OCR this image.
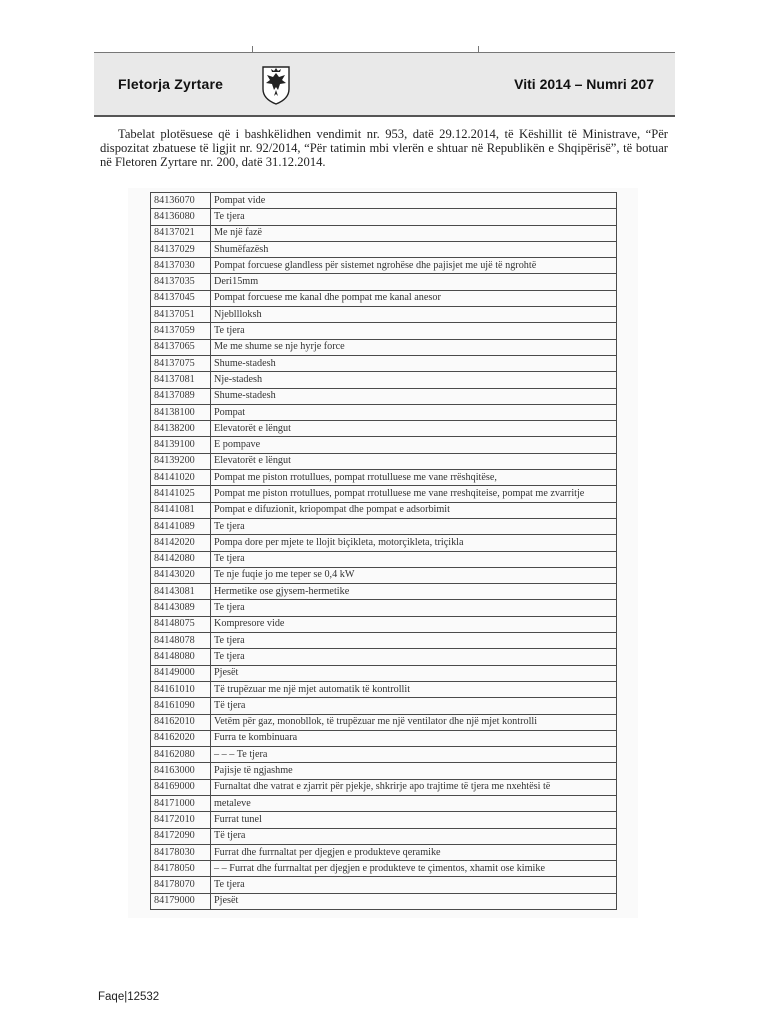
Fletorja Zyrtare	Viti 2014 – Numri 207

Tabelat plotësuese që i bashkëlidhen vendimit nr. 953, datë 29.12.2014, të Këshillit të Ministrave, “Për dispozitat zbatuese të ligjit nr. 92/2014, “Për tatimin mbi vlerën e shtuar në Republikën e Shqipërisë”, të botuar në Fletoren Zyrtare nr. 200, datë 31.12.2014.

84136070	Pompat vide
84136080	Te tjera
84137021	Me një fazë
84137029	Shumëfazësh
84137030	Pompat forcuese glandless për sistemet ngrohëse dhe pajisjet me ujë të ngrohtë
84137035	Deri15mm
84137045	Pompat forcuese me kanal dhe pompat me kanal anesor
84137051	Njebllloksh
84137059	Te tjera
84137065	Me me shume se nje hyrje force
84137075	Shume-stadesh
84137081	Nje-stadesh
84137089	Shume-stadesh
84138100	Pompat
84138200	Elevatorët e lëngut
84139100	E pompave
84139200	Elevatorët e lëngut
84141020	Pompat me piston rrotullues, pompat rrotulluese me vane rrëshqitëse,
84141025	Pompat me piston rrotullues, pompat rrotulluese me vane rreshqiteise, pompat me zvarritje
84141081	Pompat e difuzionit, kriopompat dhe pompat e adsorbimit
84141089	Te tjera
84142020	Pompa dore per mjete te llojit biçikleta, motorçikleta, triçikla
84142080	Te tjera
84143020	Te nje fuqie jo me teper se 0,4 kW
84143081	Hermetike ose gjysem-hermetike
84143089	Te tjera
84148075	Kompresore vide
84148078	Te tjera
84148080	Te tjera
84149000	Pjesët
84161010	Të trupëzuar me një mjet automatik të kontrollit
84161090	Të tjera
84162010	Vetëm për gaz, monobllok, të trupëzuar me një ventilator dhe një mjet kontrolli
84162020	Furra te kombinuara
84162080	– – – Te tjera
84163000	Pajisje të ngjashme
84169000	Furnaltat dhe vatrat e zjarrit për pjekje, shkrirje apo trajtime të tjera me nxehtësi të
84171000	metaleve
84172010	Furrat tunel
84172090	Të tjera
84178030	Furrat dhe furrnaltat per djegjen e produkteve qeramike
84178050	– – Furrat dhe furrnaltat per djegjen e produkteve te çimentos, xhamit ose kimike
84178070	Te tjera
84179000	Pjesët
Faqe|12532
